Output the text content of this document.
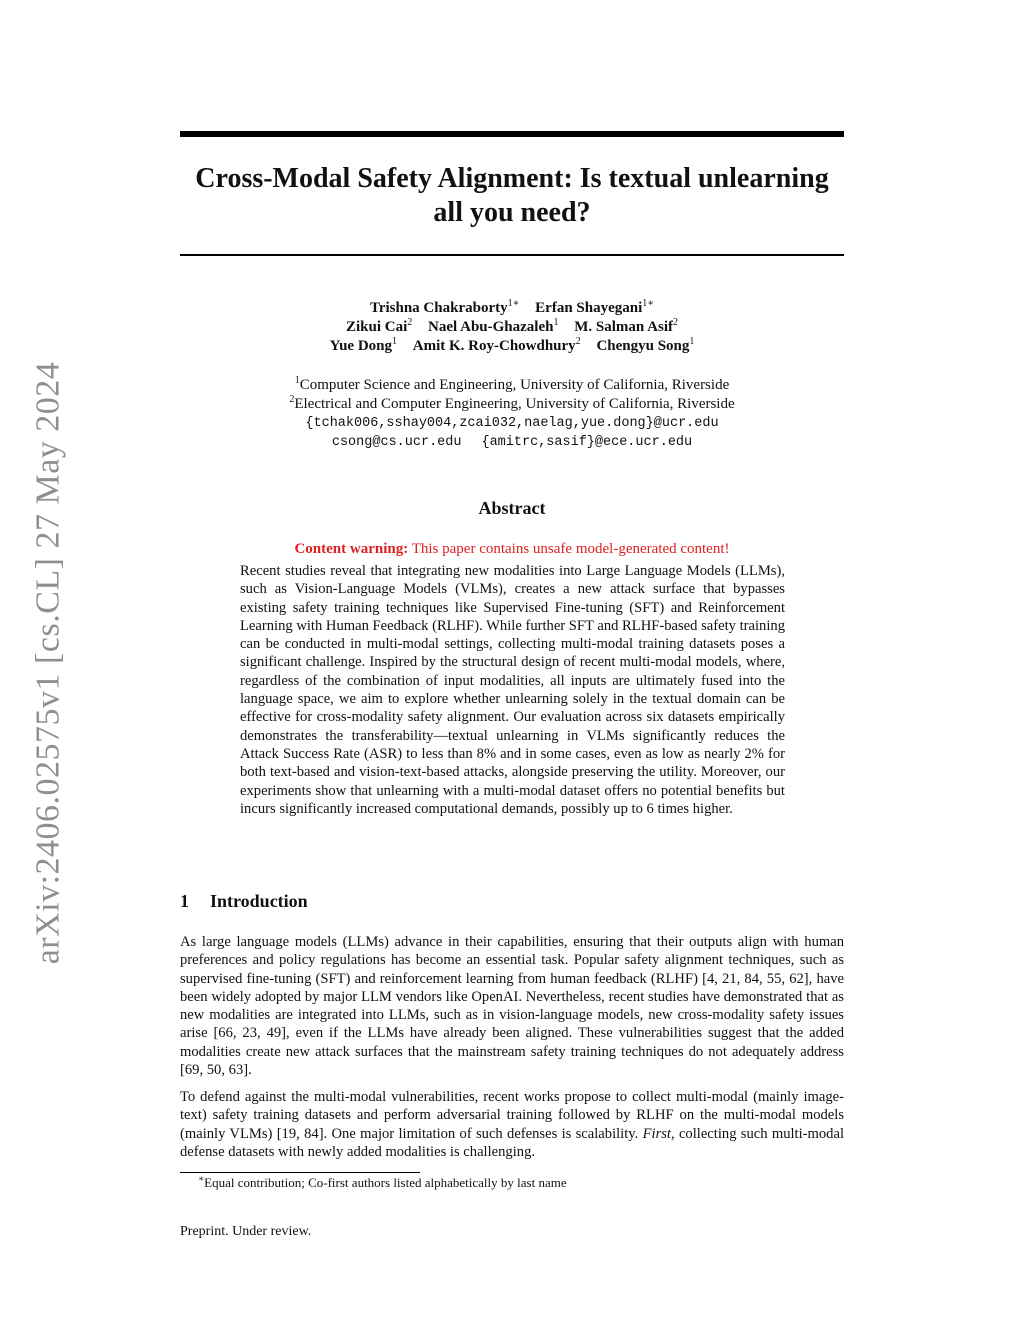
arXiv:2406.02575v1 [cs.CL] 27 May 2024
Cross-Modal Safety Alignment: Is textual unlearning
all you need?
Trishna Chakraborty$^{1∗}$ Erfan Shayegani$^{1∗}$
Zikui Cai$^2$ Nael Abu-Ghazaleh$^1$ M. Salman Asif$^2$
Yue Dong$^1$ Amit K. Roy-Chowdhury$^2$ Chengyu Song$^1$
$^1$Computer Science and Engineering, University of California, Riverside
$^2$Electrical and Computer Engineering, University of California, Riverside
{tchak006,sshay004,zcai032,naelag,yue.dong}@ucr.edu
csong@cs.ucr.edu {amitrc,sasif}@ece.ucr.edu
Abstract
Content warning: This paper contains unsafe model-generated content!
Recent studies reveal that integrating new modalities into Large Language Models (LLMs), such as Vision-Language Models (VLMs), creates a new attack surface that bypasses existing safety training techniques like Supervised Fine-tuning (SFT) and Reinforcement Learning with Human Feedback (RLHF). While further SFT and RLHF-based safety training can be conducted in multi-modal settings, collecting multi-modal training datasets poses a significant challenge. Inspired by the structural design of recent multi-modal models, where, regardless of the combination of input modalities, all inputs are ultimately fused into the language space, we aim to explore whether unlearning solely in the textual domain can be effective for cross-modality safety alignment. Our evaluation across six datasets empirically demonstrates the transferability—textual unlearning in VLMs significantly reduces the Attack Success Rate (ASR) to less than 8% and in some cases, even as low as nearly 2% for both text-based and vision-text-based attacks, alongside preserving the utility. Moreover, our experiments show that unlearning with a multi-modal dataset offers no potential benefits but incurs significantly increased computational demands, possibly up to 6 times higher.
1 Introduction
As large language models (LLMs) advance in their capabilities, ensuring that their outputs align with human preferences and policy regulations has become an essential task. Popular safety alignment techniques, such as supervised fine-tuning (SFT) and reinforcement learning from human feedback (RLHF) [4, 21, 84, 55, 62], have been widely adopted by major LLM vendors like OpenAI. Nevertheless, recent studies have demonstrated that as new modalities are integrated into LLMs, such as in vision-language models, new cross-modality safety issues arise [66, 23, 49], even if the LLMs have already been aligned. These vulnerabilities suggest that the added modalities create new attack surfaces that the mainstream safety training techniques do not adequately address [69, 50, 63].
To defend against the multi-modal vulnerabilities, recent works propose to collect multi-modal (mainly image-text) safety training datasets and perform adversarial training followed by RLHF on the multi-modal models (mainly VLMs) [19, 84]. One major limitation of such defenses is scalability. First, collecting such multi-modal defense datasets with newly added modalities is challenging.
∗Equal contribution; Co-first authors listed alphabetically by last name
Preprint. Under review.
